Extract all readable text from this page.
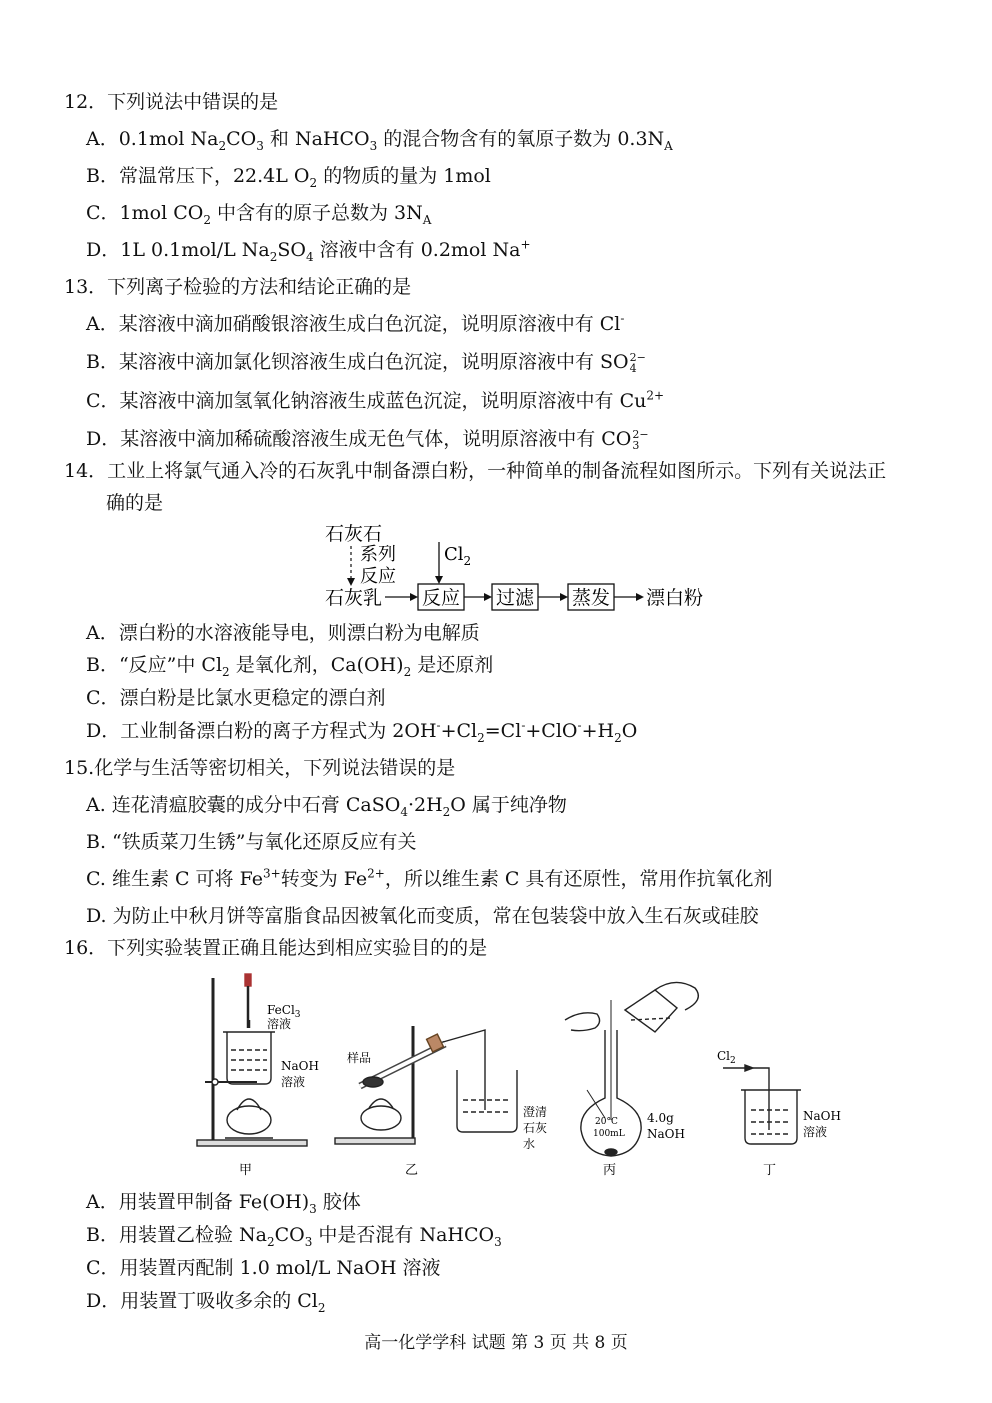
12．下列说法中错误的是
A．0.1mol $Na_2CO_3$ 和 NaHCO$_3$ 的混合物含有的氧原子数为 $0.3N_A$
B．常温常压下，22.4L $O_2$ 的物质的量为 1mol
C．1mol $CO_2$ 中含有的原子总数为 $3N_A$
D．1L 0.1mol/L $Na_2SO_4$ 溶液中含有 0.2mol Na+
13．下列离子检验的方法和结论正确的是
A．某溶液中滴加硝酸银溶液生成白色沉淀，说明原溶液中有 Cl-
B．某溶液中滴加氯化钡溶液生成白色沉淀，说明原溶液中有 SO 2−
4
C．某溶液中滴加氢氧化钠溶液生成蓝色沉淀，说明原溶液中有 $Cu^{2+}$
D．某溶液中滴加稀硫酸溶液生成无色气体，说明原溶液中有 CO 2−
3
14．工业上将氯气通入冷的石灰乳中制备漂白粉，一种简单的制备流程如图所示。下列有关说法正
确的是
石灰石
系列
反应
石灰乳 反应
$Cl_2$
过滤 蒸发 漂白粉
A．漂白粉的水溶液能导电，则漂白粉为电解质
B．“反应”中 $Cl_2$ 是氧化剂，$Ca(OH)_2$ 是还原剂
C．漂白粉是比氯水更稳定的漂白剂
D．工业制备漂白粉的离子方程式为 $2OH^-+Cl_2=Cl^-+ClO^-+H_2O$
15.化学与生活等密切相关，下列说法错误的是
A. 连花清瘟胶囊的成分中石膏 $CaSO_4\cdot 2H_2O$ 属于纯净物
B. “铁质菜刀生锈”与氧化还原反应有关
C. 维生素 C 可将 $Fe^{3+}$转变为 $Fe^{2+}$，所以维生素 C 具有还原性，常用作抗氧化剂
D. 为防止中秋月饼等富脂食品因被氧化而变质，常在包装袋中放入生石灰或硅胶
16．下列实验装置正确且能达到相应实验目的的是
FeCl$_3$
溶液
NaOH
溶液
甲
样品
澄清
石灰
水
乙
20°C
100mL
4.0g
NaOH
丙
$Cl_2$
NaOH
溶液
丁
A．用装置甲制备 $Fe(OH)_3$ 胶体
B．用装置乙检验 $Na_2CO_3$ 中是否混有 NaHCO$_3$
C．用装置丙配制 1.0 mol/L NaOH 溶液
D．用装置丁吸收多余的 $Cl_2$
高一化学学科 试题 第 3 页 共 8 页
